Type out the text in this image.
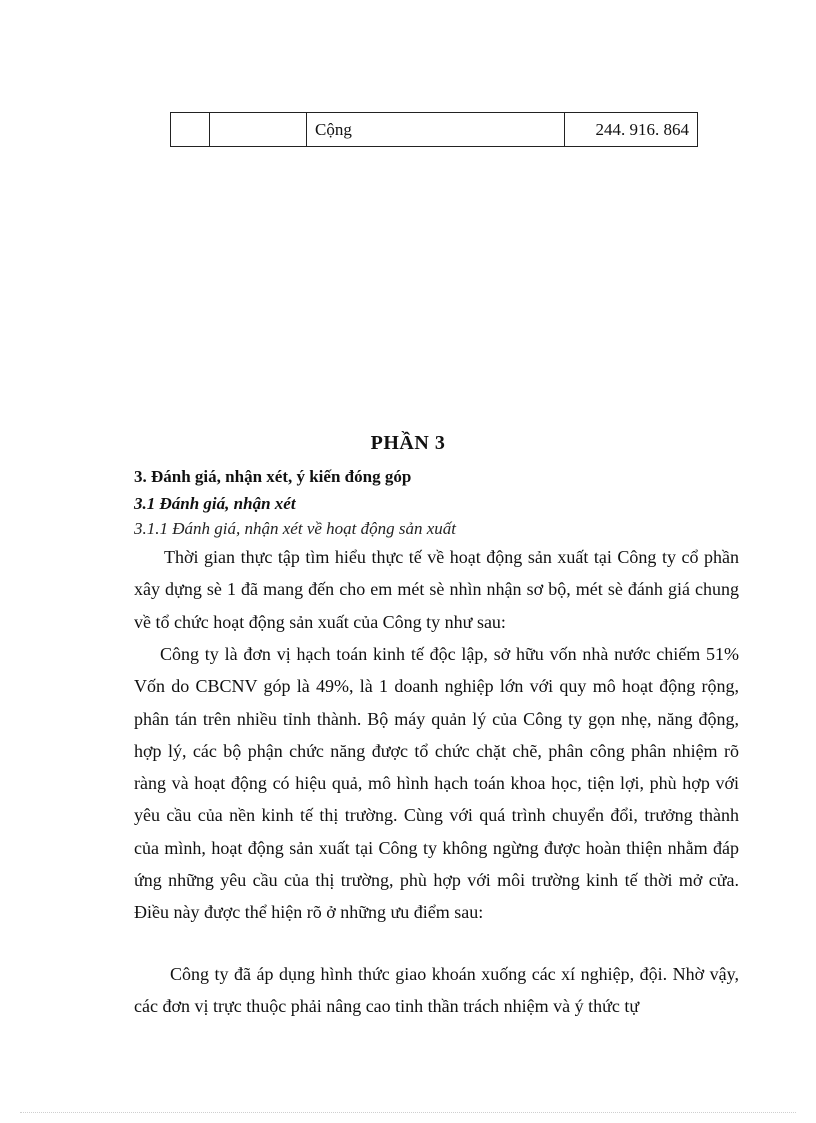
		Cộng	244. 916. 864
PHẦN 3
3. Đánh giá, nhận xét, ý kiến đóng góp
3.1 Đánh giá, nhận xét
3.1.1 Đánh giá, nhận xét về hoạt động sản xuất

Thời gian thực tập tìm hiểu thực tế về hoạt động sản xuất tại Công ty cổ phần xây dựng sè 1 đã mang đến cho em mét sè nhìn nhận sơ bộ, mét sè đánh giá chung về tổ chức hoạt động sản xuất của Công ty như sau:

Công ty là đơn vị hạch toán kinh tế độc lập, sở hữu vốn nhà nước chiếm 51% Vốn do CBCNV góp là 49%, là 1 doanh nghiệp lớn với quy mô hoạt động rộng, phân tán trên nhiều tỉnh thành. Bộ máy quản lý của Công ty gọn nhẹ, năng động, hợp lý, các bộ phận chức năng được tổ chức chặt chẽ, phân công phân nhiệm rõ ràng và hoạt động có hiệu quả, mô hình hạch toán khoa học, tiện lợi, phù hợp với yêu cầu của nền kinh tế thị trường. Cùng với quá trình chuyển đổi, trưởng thành của mình, hoạt động sản xuất tại Công ty không ngừng được hoàn thiện nhằm đáp ứng những yêu cầu của thị trường, phù hợp với môi trường kinh tế thời mở cửa. Điều này được thể hiện rõ ở những ưu điểm sau:

Công ty đã áp dụng hình thức giao khoán xuống các xí nghiệp, đội. Nhờ vậy, các đơn vị trực thuộc phải nâng cao tinh thần trách nhiệm và ý thức tự
